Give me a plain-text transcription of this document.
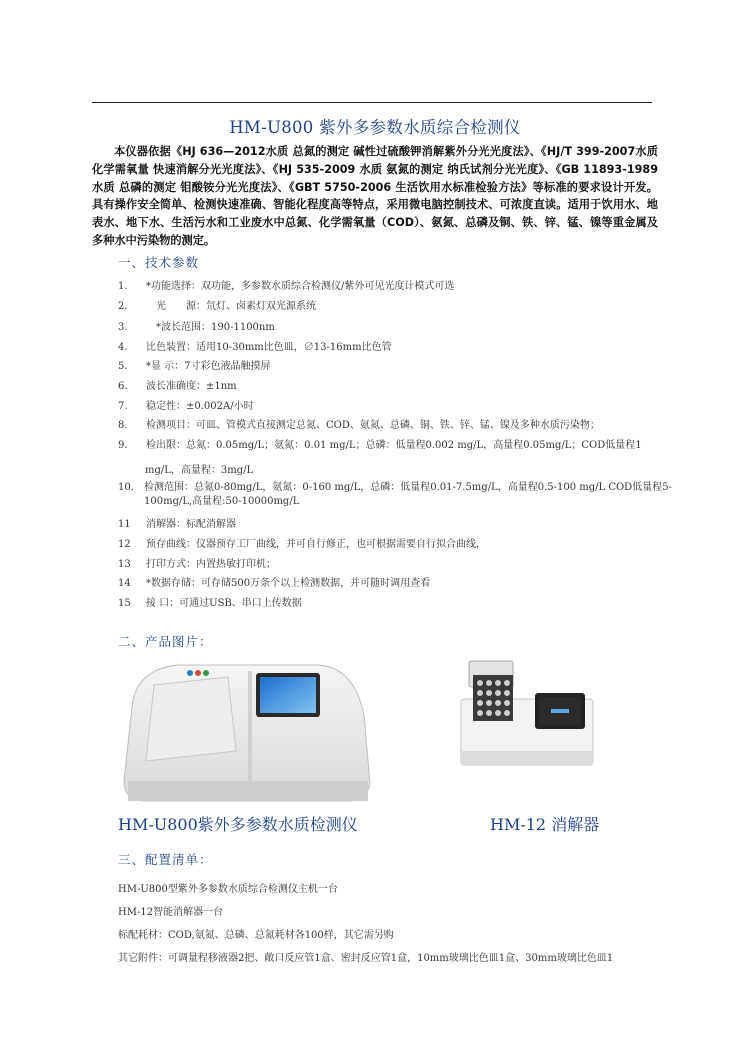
HM-U800 紫外多参数水质综合检测仪
本仪器依据《HJ 636—2012水质 总氮的测定 碱性过硫酸钾消解紫外分光光度法》、《HJ/T 399-2007水质 化学需氧量 快速消解分光光度法》、《HJ 535-2009 水质 氨氮的测定 纳氏试剂分光光度》、《GB 11893-1989 水质 总磷的测定 钼酸铵分光光度法》、《GBT 5750-2006 生活饮用水标准检验方法》等标准的要求设计开发。具有操作安全简单、检测快速准确、智能化程度高等特点，采用微电脑控制技术、可浓度直读。适用于饮用水、地表水、地下水、生活污水和工业废水中总氮、化学需氧量（COD）、氨氮、总磷及铜、铁、锌、锰、镍等重金属及多种水中污染物的测定。
一、技术参数
1. *功能选择：双功能，多参数水质综合检测仪/紫外可见光度计模式可选
2.	光　　源：氘灯、卤素灯双光源系统
3.	*波长范围：190-1100nm
4. 比色装置：适用10-30mm比色皿，∅13-16mm比色管
5. *显 示：7寸彩色液晶触摸屏
6. 波长准确度：±1nm
7. 稳定性：±0.002A/小时
8. 检测项目：可皿、管模式直接测定总氮、COD、氨氮、总磷、铜、铁、锌、锰、镍及多种水质污染物；
9. 检出限：总氮：0.05mg/L；氨氮：0.01 mg/L；总磷：低量程0.002 mg/L，高量程0.05mg/L；COD低量程1
mg/L，高量程：3mg/L
10.	检测范围：总氮0-80mg/L，氨氮：0-160 mg/L，总磷：低量程0.01-7.5mg/L，高量程0.5-100 mg/L COD低量程5-100mg/L,高量程:50-10000mg/L
11 消解器：标配消解器
12 预存曲线：仪器预存工厂曲线，并可自行修正，也可根据需要自行拟合曲线，
13 打印方式：内置热敏打印机；
14 *数据存储：可存储500万条个以上检测数据，并可随时调用查看
15 接 口：可通过USB、串口上传数据
二、产品图片：
HM-U800紫外多参数水质检测仪	HM-12 消解器
三、配置清单：
HM-U800型紫外多参数水质综合检测仪主机一台
HM-12智能消解器一台
标配耗材：COD,氨氮、总磷、总氮耗材各100样，其它需另购
其它附件：可调量程移液器2把、敞口反应管1盒、密封反应管1盒，10mm玻璃比色皿1盒、30mm玻璃比色皿1
